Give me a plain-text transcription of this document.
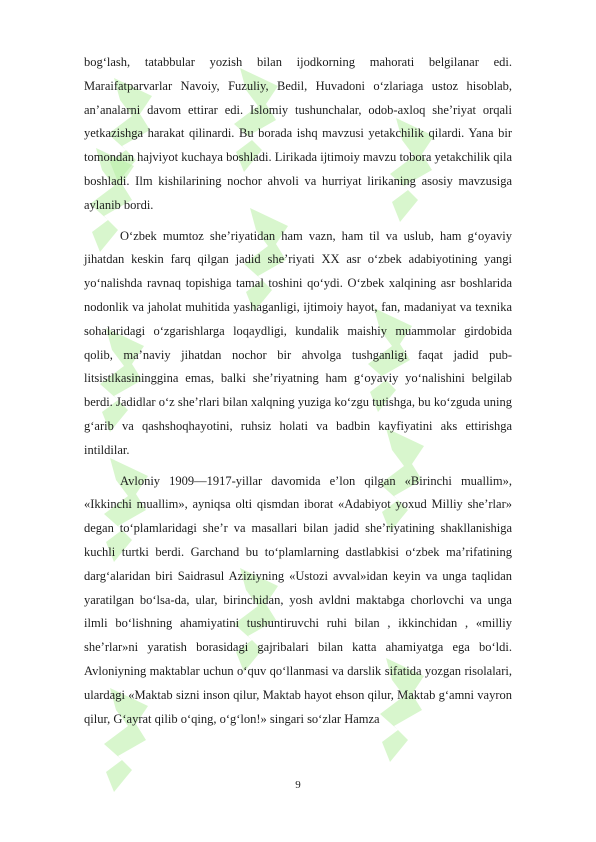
bog‘lash, tatabbular yozish bilan ijodkorning mahorati belgilanar edi. Maraifatparvarlar Navoiy, Fuzuliy, Bedil, Huvadoni o‘zlariaga ustoz hisoblab, an’analarni davom ettirar edi. Islomiy tushunchalar, odob-axloq she’riyat orqali yetkazishga harakat qilinardi. Bu borada ishq mavzusi yetakchilik qilardi. Yana bir tomondan hajviyot kuchaya boshladi. Lirikada ijtimoiy mavzu tobora yetakchilik qila boshladi. Ilm kishilarining nochor ahvoli va hurriyat lirikaning asosiy mavzusiga aylanib bordi.

O‘zbek mumtoz she’riyatidan ham vazn, ham til va uslub, ham g‘oyaviy jihatdan keskin farq qilgan jadid she’riyati XX asr o‘zbek adabiyotining yangi yo‘nalishda ravnaq topishiga tamal toshini qo‘ydi. O‘zbek xalqining asr boshlarida nodonlik va jaholat muhitida yashaganligi, ijtimoiy hayot, fan, madaniyat va texnika sohalaridagi o‘zgarishlarga loqaydligi, kundalik maishiy muammolar girdobida qolib, ma’naviy jihatdan nochor bir ahvolga tushganligi faqat jadid pub-litsistlkasininggina emas, balki she’riyatning ham g‘oyaviy yo‘nalishini belgilab berdi. Jadidlar o‘z she’rlari bilan xalqning yuziga ko‘zgu tutishga, bu ko‘zguda uning g‘arib va qashshoqhayotini, ruhsiz holati va badbin kayfiyatini aks ettirishga intildilar.

Avloniy 1909—1917-yillar davomida e’lon qilgan «Birinchi muallim», «Ikkinchi muallim», ayniqsa olti qismdan iborat «Adabiyot yoxud Milliy she’rlar» degan to‘plamlaridagi she’r va masallari bilan jadid she’riyatining shakllanishiga kuchli turtki berdi. Garchand bu to‘plamlarning dastlabkisi o‘zbek ma’rifatining darg‘alaridan biri Saidrasul Aziziyning «Ustozi avval»idan keyin va unga taqlidan yaratilgan bo‘lsa-da, ular, birinchidan, yosh avldni maktabga chorlovchi va unga ilmli bo‘lishning ahamiyatini tushuntiruvchi ruhi bilan , ikkinchidan , «milliy she’rlar»ni yaratish borasidagi gajribalari bilan katta ahamiyatga ega bo‘ldi. Avloniyning maktablar uchun o‘quv qo‘llanmasi va darslik sifatida yozgan risolalari, ulardagi «Maktab sizni inson qilur, Maktab hayot ehson qilur, Maktab g‘amni vayron qilur, G‘ayrat qilib o‘qing, o‘g‘lon!» singari so‘zlar Hamza

9
